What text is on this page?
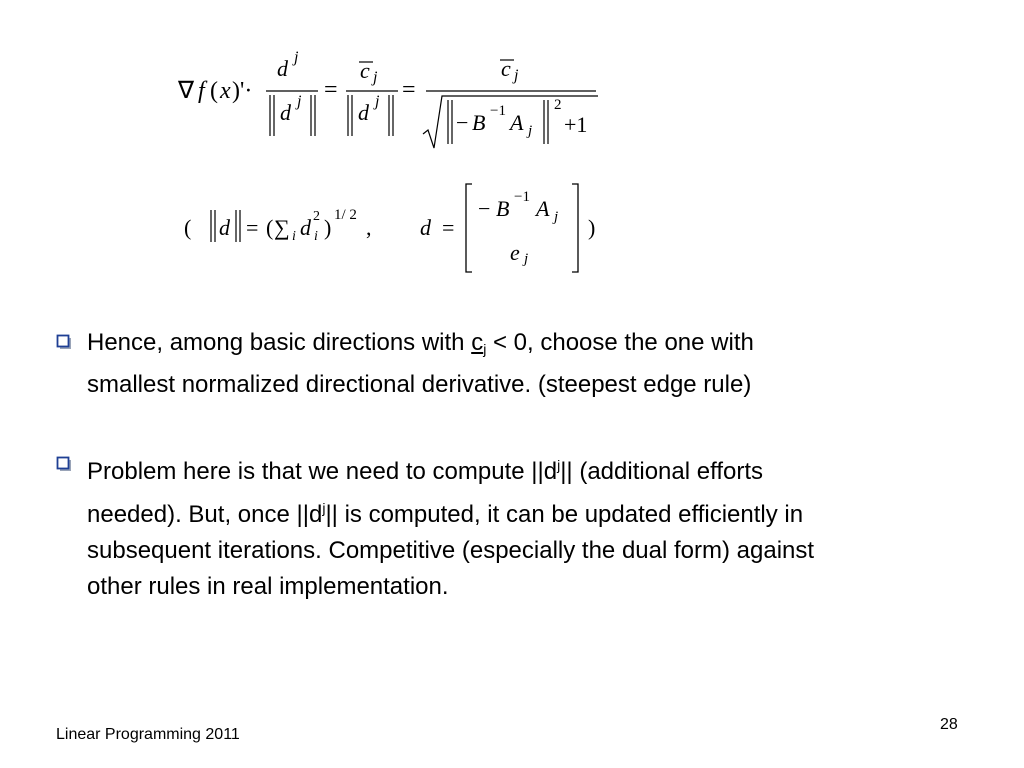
∇ f ( x )'·
d j
d j =
c j
d j =
c j
− B −1 A j
2
+1
( d = ( ∑ i d 2
i ) 1/ 2 , d =
− B −1 A j
e j
)
Hence, among basic directions with $c_j < 0$, choose the one with
smallest normalized directional derivative. (steepest edge rule)
Problem here is that we need to compute $||d^j||$ (additional efforts
needed). But, once $||d^j||$ is computed, it can be updated efficiently in
subsequent iterations. Competitive (especially the dual form) against
other rules in real implementation.
Linear Programming 2011
28
